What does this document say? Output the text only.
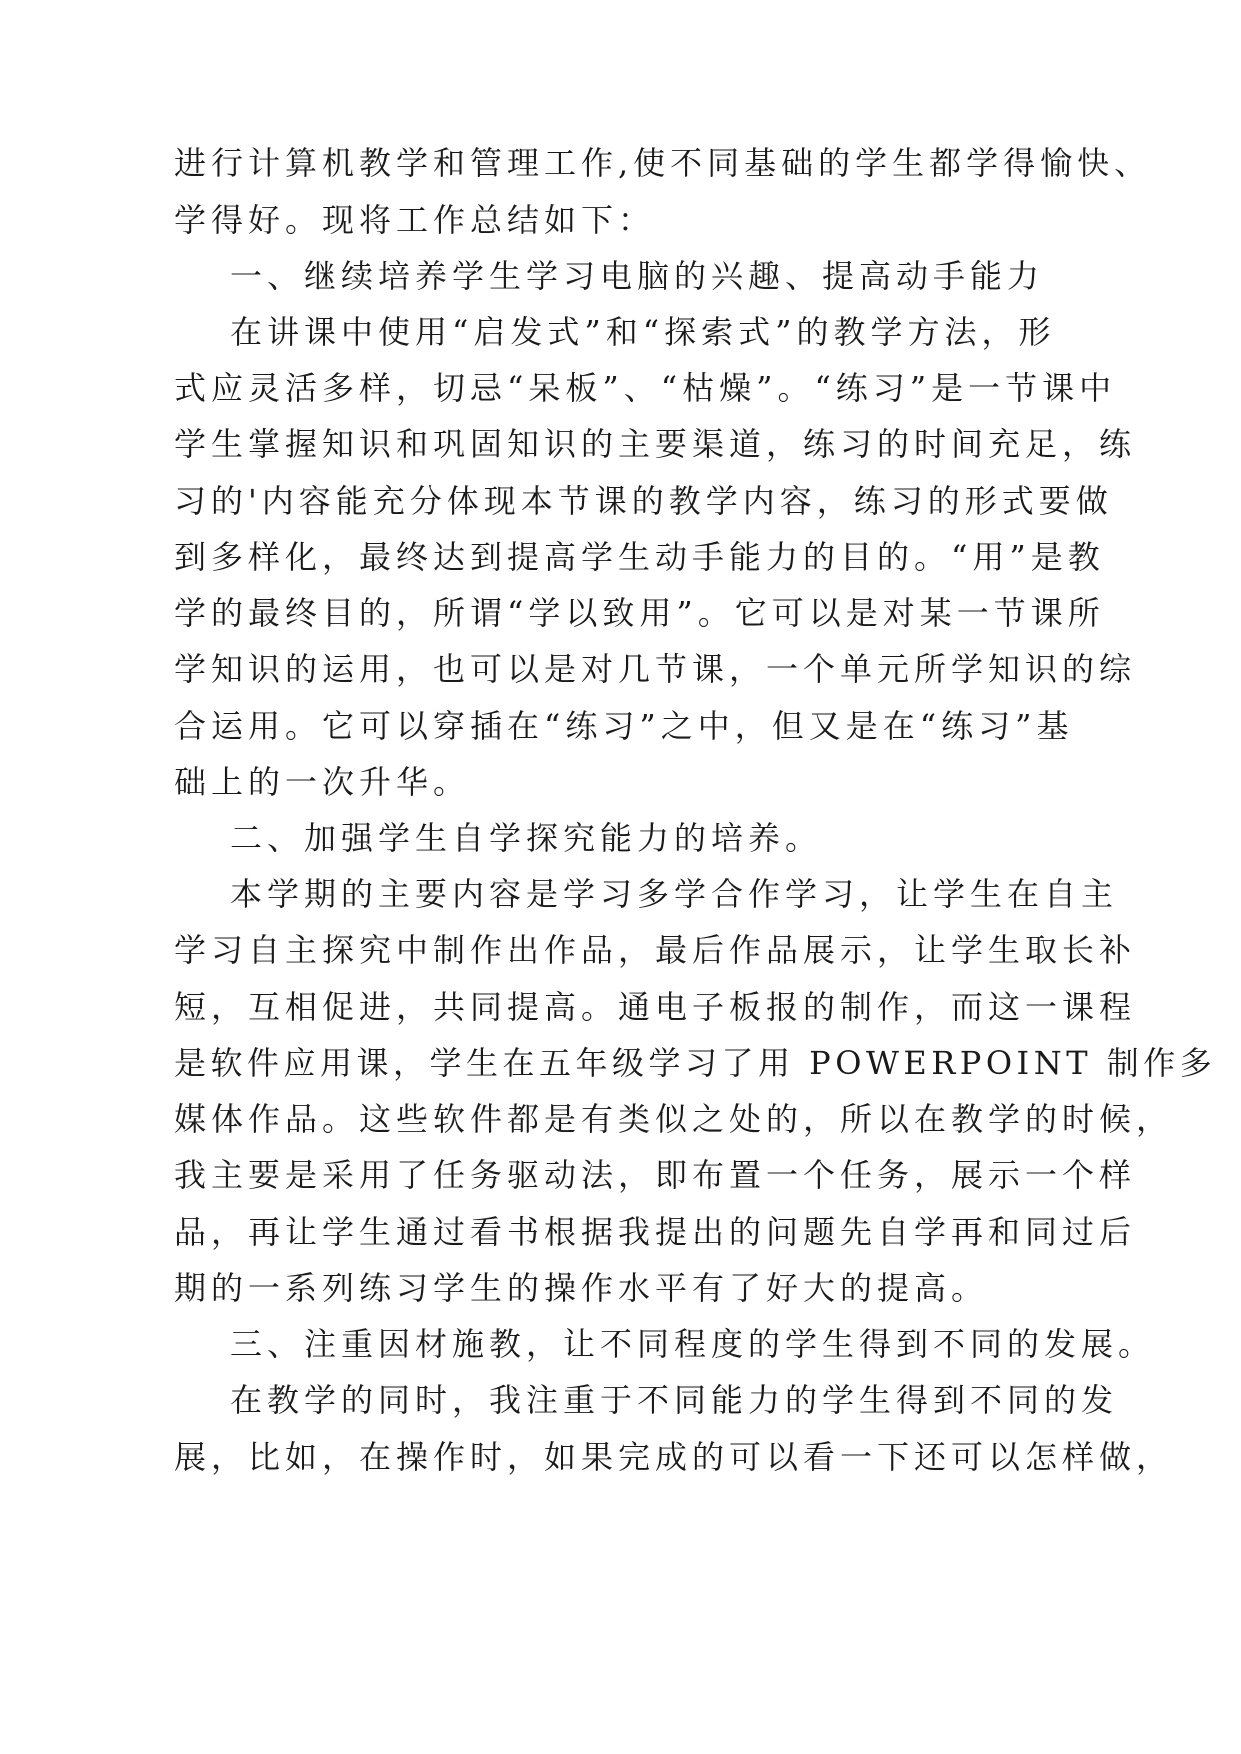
进行计算机教学和管理工作,使不同基础的学生都学得愉快、
学得好。现将工作总结如下：
一、继续培养学生学习电脑的兴趣、提高动手能力
在讲课中使用“启发式”和“探索式”的教学方法，形
式应灵活多样，切忌“呆板”、“枯燥”。“练习”是一节课中
学生掌握知识和巩固知识的主要渠道，练习的时间充足，练
习的'内容能充分体现本节课的教学内容，练习的形式要做
到多样化，最终达到提高学生动手能力的目的。“用”是教
学的最终目的，所谓“学以致用”。它可以是对某一节课所
学知识的运用，也可以是对几节课，一个单元所学知识的综
合运用。它可以穿插在“练习”之中，但又是在“练习”基
础上的一次升华。
二、加强学生自学探究能力的培养。
本学期的主要内容是学习多学合作学习，让学生在自主
学习自主探究中制作出作品，最后作品展示，让学生取长补
短，互相促进，共同提高。通电子板报的制作，而这一课程
是软件应用课，学生在五年级学习了用 POWERPOINT 制作多
媒体作品。这些软件都是有类似之处的，所以在教学的时候，
我主要是采用了任务驱动法，即布置一个任务，展示一个样
品，再让学生通过看书根据我提出的问题先自学再和同过后
期的一系列练习学生的操作水平有了好大的提高。
三、注重因材施教，让不同程度的学生得到不同的发展。
在教学的同时，我注重于不同能力的学生得到不同的发
展，比如，在操作时，如果完成的可以看一下还可以怎样做，
